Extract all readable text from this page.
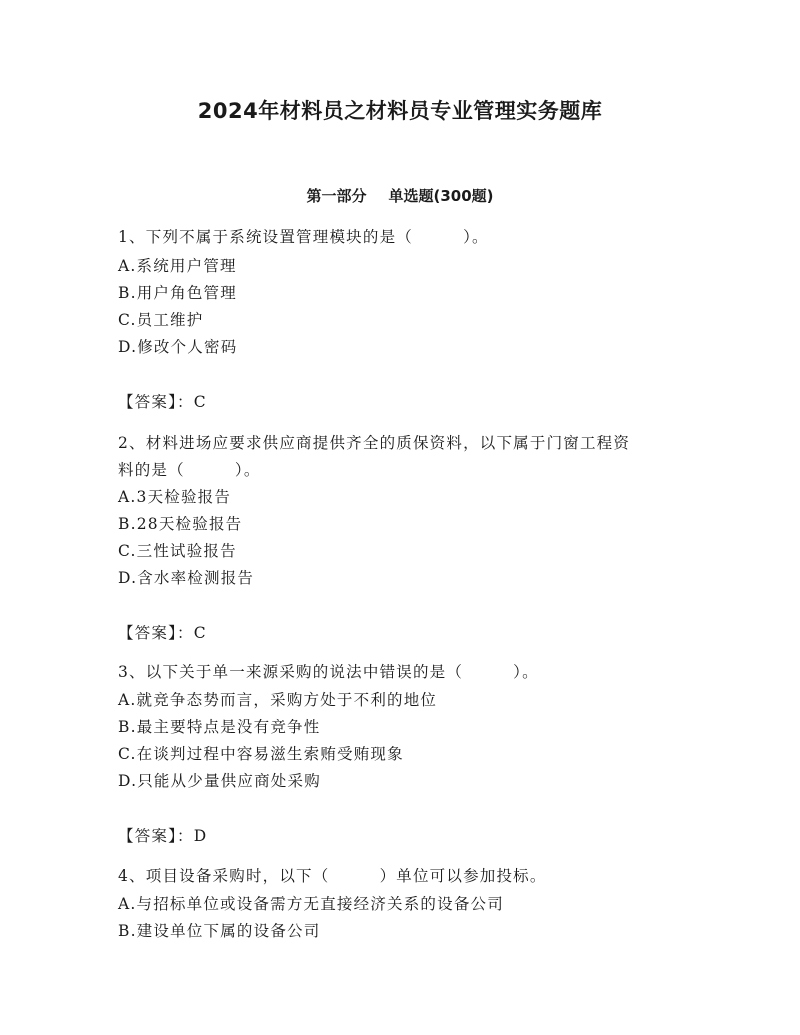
2024年材料员之材料员专业管理实务题库
第一部分 单选题(300题)
1、下列不属于系统设置管理模块的是（　　　）。
A.系统用户管理
B.用户角色管理
C.员工维护
D.修改个人密码
【答案】：C
2、材料进场应要求供应商提供齐全的质保资料，以下属于门窗工程资
料的是（　　　）。
A.3天检验报告
B.28天检验报告
C.三性试验报告
D.含水率检测报告
【答案】：C
3、以下关于单一来源采购的说法中错误的是（　　　）。
A.就竞争态势而言，采购方处于不利的地位
B.最主要特点是没有竞争性
C.在谈判过程中容易滋生索贿受贿现象
D.只能从少量供应商处采购
【答案】：D
4、项目设备采购时，以下（　　　）单位可以参加投标。
A.与招标单位或设备需方无直接经济关系的设备公司
B.建设单位下属的设备公司
